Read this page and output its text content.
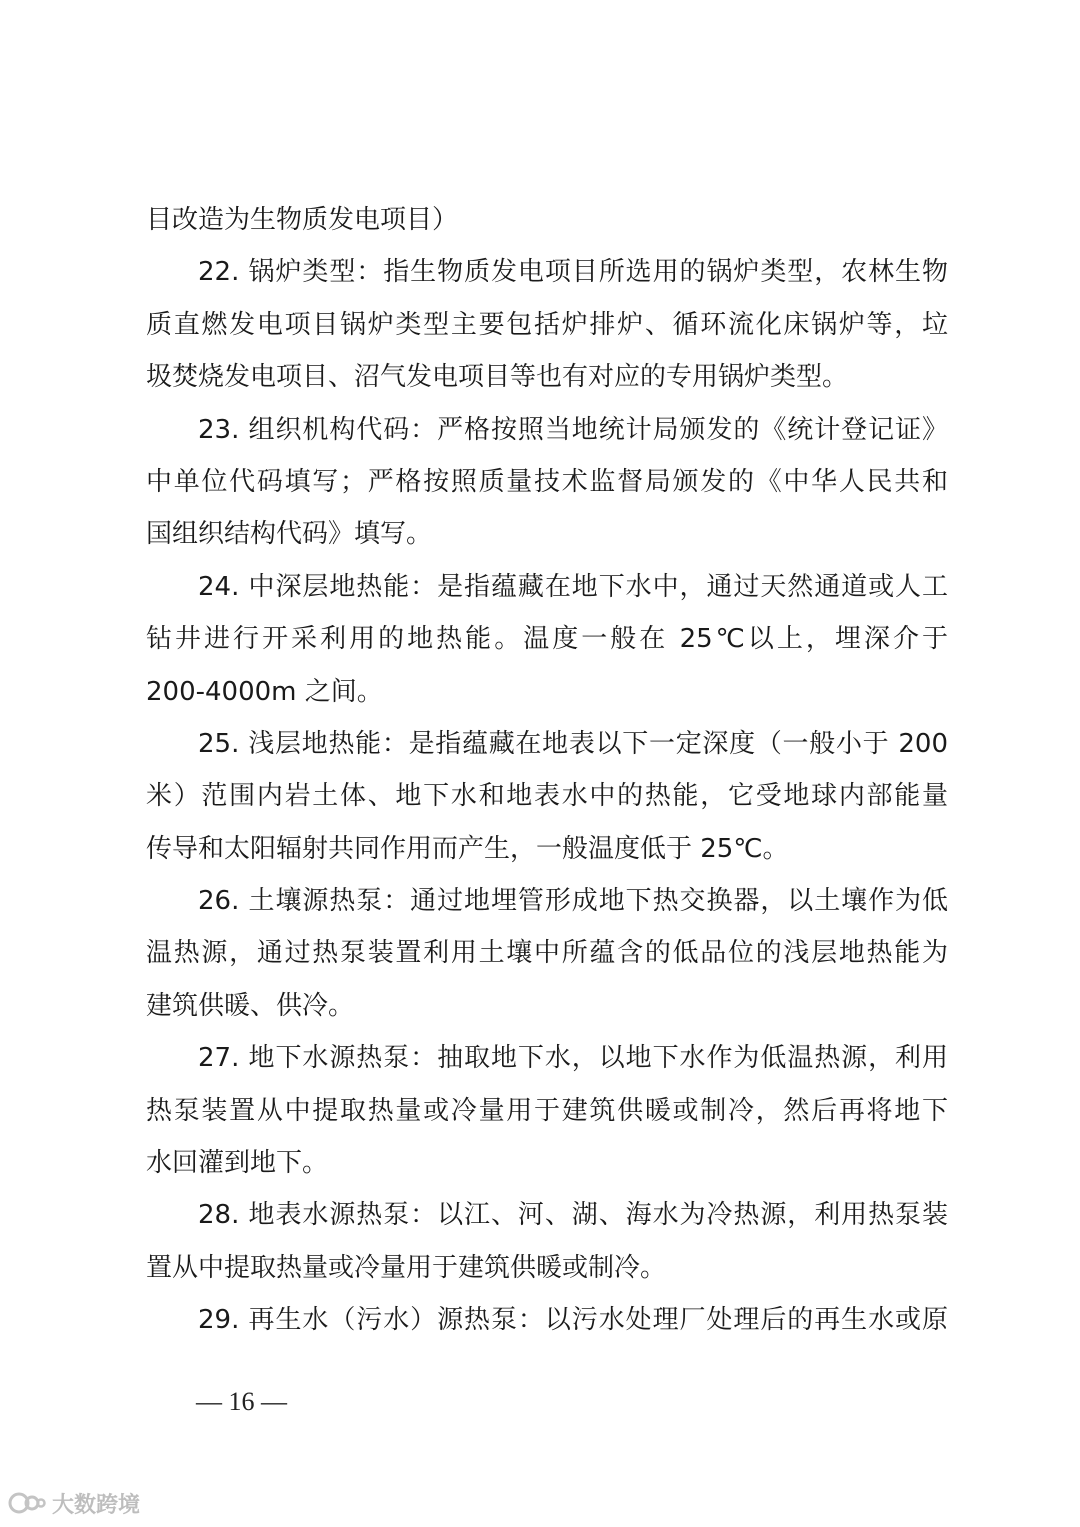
目改造为生物质发电项目）
22. 锅炉类型：指生物质发电项目所选用的锅炉类型，农林生物
质直燃发电项目锅炉类型主要包括炉排炉、循环流化床锅炉等，垃
圾焚烧发电项目、沼气发电项目等也有对应的专用锅炉类型。
23. 组织机构代码：严格按照当地统计局颁发的《统计登记证》
中单位代码填写；严格按照质量技术监督局颁发的《中华人民共和
国组织结构代码》填写。
24. 中深层地热能：是指蕴藏在地下水中，通过天然通道或人工
钻井进行开采利用的地热能。温度一般在 25℃以上，埋深介于
200-4000m 之间。
25. 浅层地热能：是指蕴藏在地表以下一定深度（一般小于 200
米）范围内岩土体、地下水和地表水中的热能，它受地球内部能量
传导和太阳辐射共同作用而产生，一般温度低于 25℃。
26. 土壤源热泵：通过地埋管形成地下热交换器，以土壤作为低
温热源，通过热泵装置利用土壤中所蕴含的低品位的浅层地热能为
建筑供暖、供冷。
27. 地下水源热泵：抽取地下水，以地下水作为低温热源，利用
热泵装置从中提取热量或冷量用于建筑供暖或制冷，然后再将地下
水回灌到地下。
28. 地表水源热泵：以江、河、湖、海水为冷热源，利用热泵装
置从中提取热量或冷量用于建筑供暖或制冷。
29. 再生水（污水）源热泵：以污水处理厂处理后的再生水或原
— 16 —
大数跨境
